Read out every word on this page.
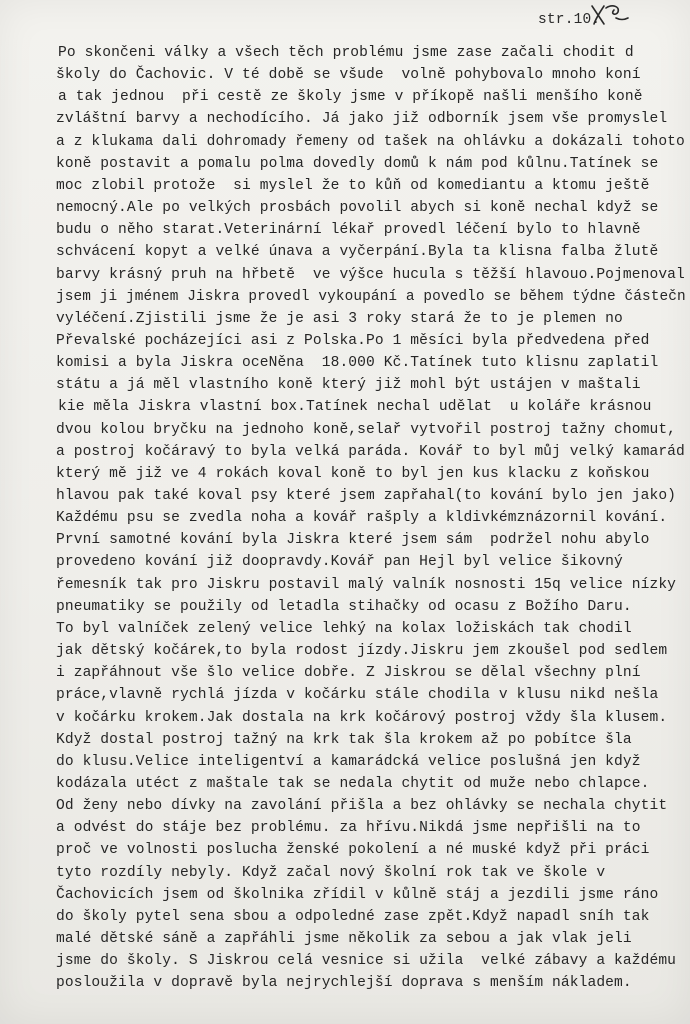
str.10.
Po skončeni války a všech těch problému jsme zase začali chodit d
školy do Čachovic. V té době se všude  volně pohybovalo mnoho koní
a tak jednou  při cestě ze školy jsme v příkopě našli menšího koně
zvláštní barvy a nechodícího. Já jako již odborník jsem vše promyslel
a z klukama dali dohromady řemeny od tašek na ohlávku a dokázali tohoto
koně postavit a pomalu polma dovedly domů k nám pod kůlnu.Tatínek se
moc zlobil protože  si myslel že to kůň od komediantu a ktomu ještě
nemocný.Ale po velkých prosbách povolil abych si koně nechal když se
budu o něho starat.Veterinární lékař provedl léčení bylo to hlavně
schvácení kopyt a velké únava a vyčerpání.Byla ta klisna falba žlutě
barvy krásný pruh na hřbetě  ve výšce hucula s těžší hlavouo.Pojmenoval
jsem ji jménem Jiskra provedl vykoupání a povedlo se během týdne částečn
vyléčení.Zjistili jsme že je asi 3 roky stará že to je plemen no
Převalské pocházejíci asi z Polska.Po 1 měsíci byla předvedena před
komisi a byla Jiskra oceNěna  18.000 Kč.Tatínek tuto klisnu zaplatil
státu a já měl vlastního koně který již mohl být ustájen v maštali
kie měla Jiskra vlastní box.Tatínek nechal udělat  u koláře krásnou
dvou kolou bryčku na jednoho koně,selař vytvořil postroj tažny chomut,
a postroj kočáravý to byla velká paráda. Kovář to byl můj velký kamarád
který mě již ve 4 rokách koval koně to byl jen kus klacku z koňskou
hlavou pak také koval psy které jsem zapřahal(to kování bylo jen jako)
Každému psu se zvedla noha a kovář rašply a kldivkémznázornil kování.
První samotné kování byla Jiskra které jsem sám  podržel nohu abylo
provedeno kování již doopravdy.Kovář pan Hejl byl velice šikovný
řemesník tak pro Jiskru postavil malý valník nosnosti 15q velice nízky
pneumatiky se použily od letadla stihačky od ocasu z Božího Daru.
To byl valníček zelený velice lehký na kolax ložiskách tak chodil
jak dětský kočárek,to byla rodost jízdy.Jiskru jem zkoušel pod sedlem
i zapřáhnout vše šlo velice dobře. Z Jiskrou se dělal všechny plní
práce,vlavně rychlá jízda v kočárku stále chodila v klusu nikd nešla
v kočárku krokem.Jak dostala na krk kočárový postroj vždy šla klusem.
Když dostal postroj tažný na krk tak šla krokem až po pobítce šla
do klusu.Velice inteligentví a kamarádcká velice poslušná jen když
kodázala utéct z maštale tak se nedala chytit od muže nebo chlapce.
Od ženy nebo dívky na zavolání přišla a bez ohlávky se nechala chytit
a odvést do stáje bez problému. za hřívu.Nikdá jsme nepřišli na to
proč ve volnosti poslucha ženské pokolení a né muské když při práci
tyto rozdíly nebyly. Když začal nový školní rok tak ve škole v
Čachovicích jsem od školnika zřídil v kůlně stáj a jezdili jsme ráno
do školy pytel sena sbou a odpoledné zase zpět.Když napadl sníh tak
malé dětské sáně a zapřáhli jsme několik za sebou a jak vlak jeli
jsme do školy. S Jiskrou celá vesnice si užila  velké zábavy a každému
posloužila v dopravě byla nejrychlejší doprava s menším nákladem.
